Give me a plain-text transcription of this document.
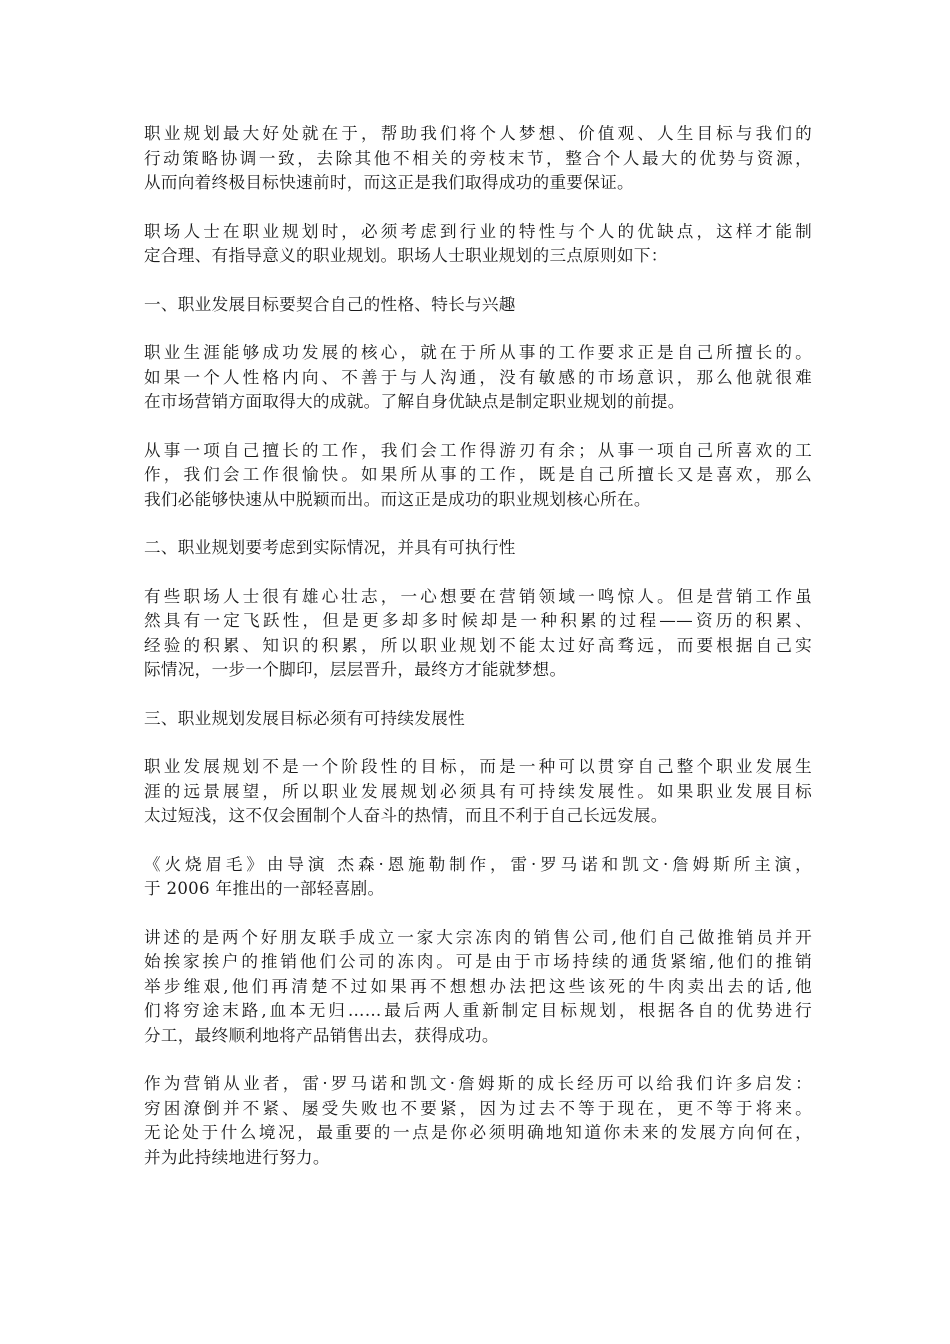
职业规划最大好处就在于，帮助我们将个人梦想、价值观、人生目标与我们的
行动策略协调一致，去除其他不相关的旁枝末节，整合个人最大的优势与资源，
从而向着终极目标快速前时，而这正是我们取得成功的重要保证。

职场人士在职业规划时，必须考虑到行业的特性与个人的优缺点，这样才能制
定合理、有指导意义的职业规划。职场人士职业规划的三点原则如下：

一、职业发展目标要契合自己的性格、特长与兴趣

职业生涯能够成功发展的核心，就在于所从事的工作要求正是自己所擅长的。
如果一个人性格内向、不善于与人沟通，没有敏感的市场意识，那么他就很难
在市场营销方面取得大的成就。了解自身优缺点是制定职业规划的前提。

从事一项自己擅长的工作，我们会工作得游刃有余；从事一项自己所喜欢的工
作，我们会工作很愉快。如果所从事的工作，既是自己所擅长又是喜欢，那么
我们必能够快速从中脱颖而出。而这正是成功的职业规划核心所在。

二、职业规划要考虑到实际情况，并具有可执行性

有些职场人士很有雄心壮志，一心想要在营销领域一鸣惊人。但是营销工作虽
然具有一定飞跃性，但是更多却多时候却是一种积累的过程——资历的积累、
经验的积累、知识的积累，所以职业规划不能太过好高骛远，而要根据自己实
际情况，一步一个脚印，层层晋升，最终方才能就梦想。

三、职业规划发展目标必须有可持续发展性

职业发展规划不是一个阶段性的目标，而是一种可以贯穿自己整个职业发展生
涯的远景展望，所以职业发展规划必须具有可持续发展性。如果职业发展目标
太过短浅，这不仅会囿制个人奋斗的热情，而且不利于自己长远发展。

《火烧眉毛》由导演 杰森·恩施勒制作，雷·罗马诺和凯文·詹姆斯所主演，
于 2006 年推出的一部轻喜剧。

讲述的是两个好朋友联手成立一家大宗冻肉的销售公司,他们自己做推销员并开
始挨家挨户的推销他们公司的冻肉。可是由于市场持续的通货紧缩,他们的推销
举步维艰,他们再清楚不过如果再不想想办法把这些该死的牛肉卖出去的话,他
们将穷途末路,血本无归……最后两人重新制定目标规划，根据各自的优势进行
分工，最终顺利地将产品销售出去，获得成功。

作为营销从业者，雷·罗马诺和凯文·詹姆斯的成长经历可以给我们许多启发：
穷困潦倒并不紧、屡受失败也不要紧，因为过去不等于现在，更不等于将来。
无论处于什么境况，最重要的一点是你必须明确地知道你未来的发展方向何在，
并为此持续地进行努力。
